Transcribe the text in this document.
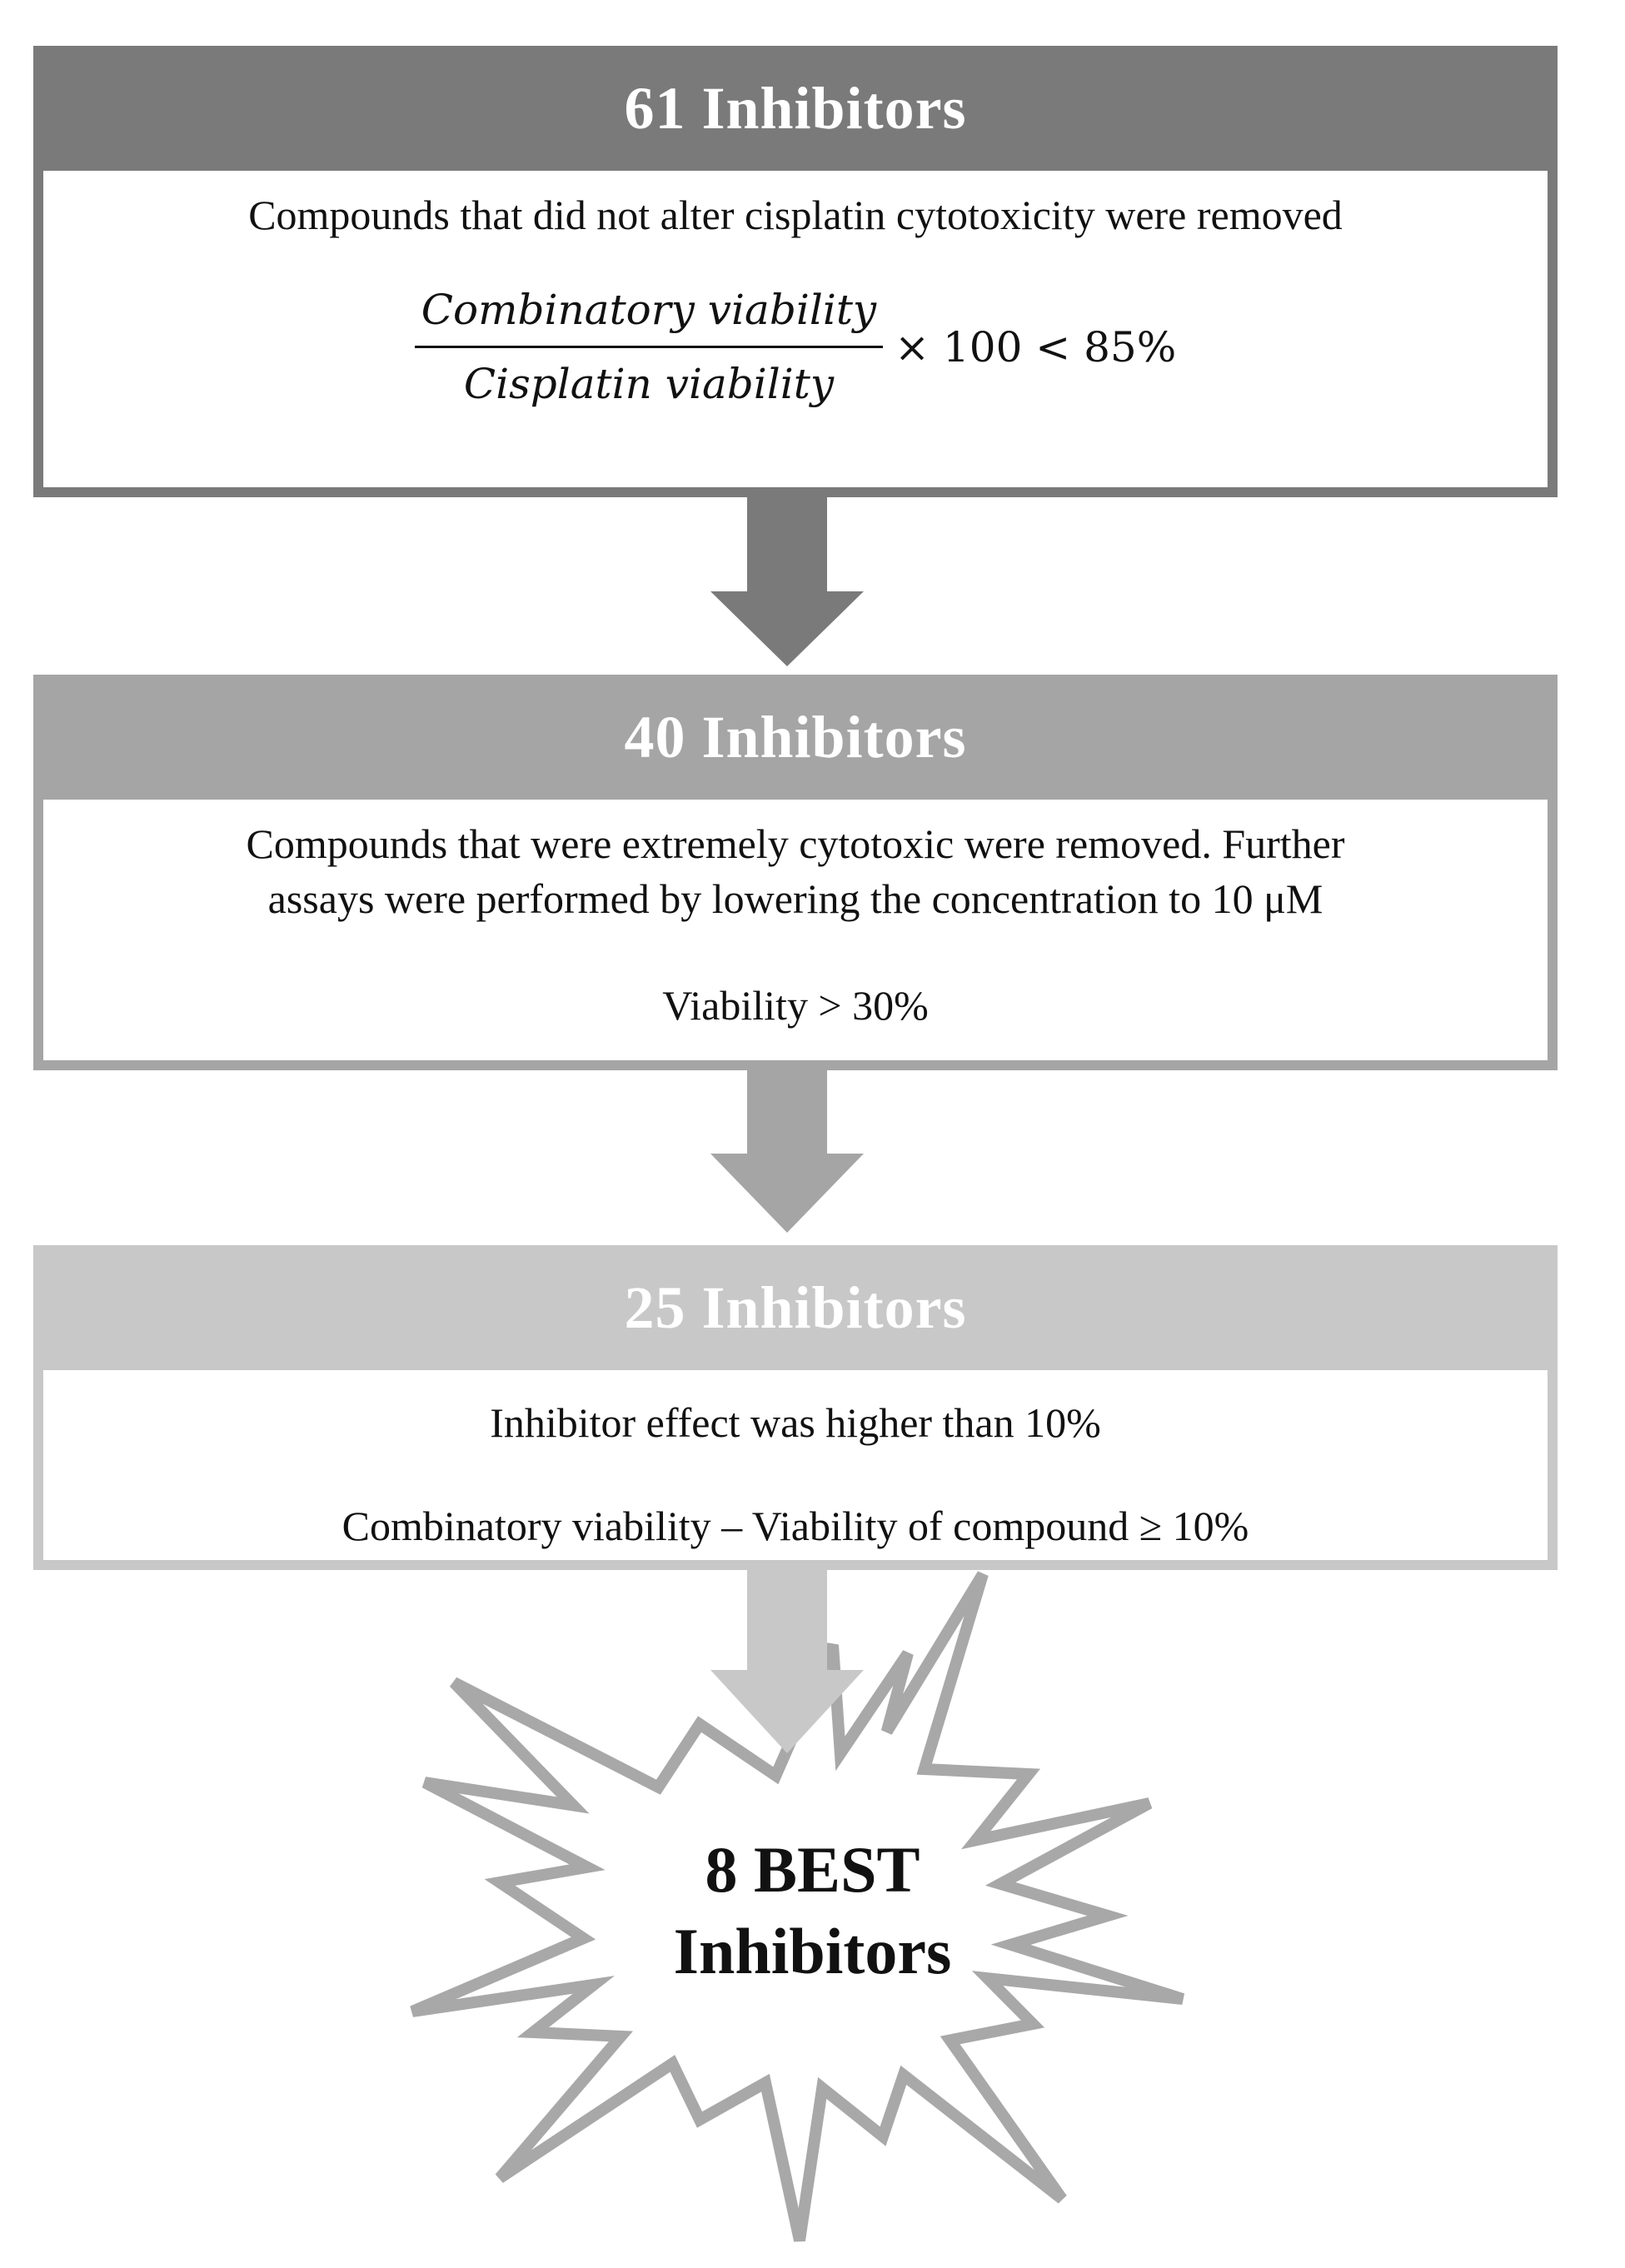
61 Inhibitors
Compounds that did not alter cisplatin cytotoxicity were removed
$\frac{\text{Combinatory viability}}{\text{Cisplatin viability}} \times 100 < 85\%$
40 Inhibitors
Compounds that were extremely cytotoxic were removed. Further
assays were performed by lowering the concentration to 10 μM
Viability > 30%
25 Inhibitors
Inhibitor effect was higher than 10%
Combinatory viability – Viability of compound ≥ 10%
8 BEST
Inhibitors
